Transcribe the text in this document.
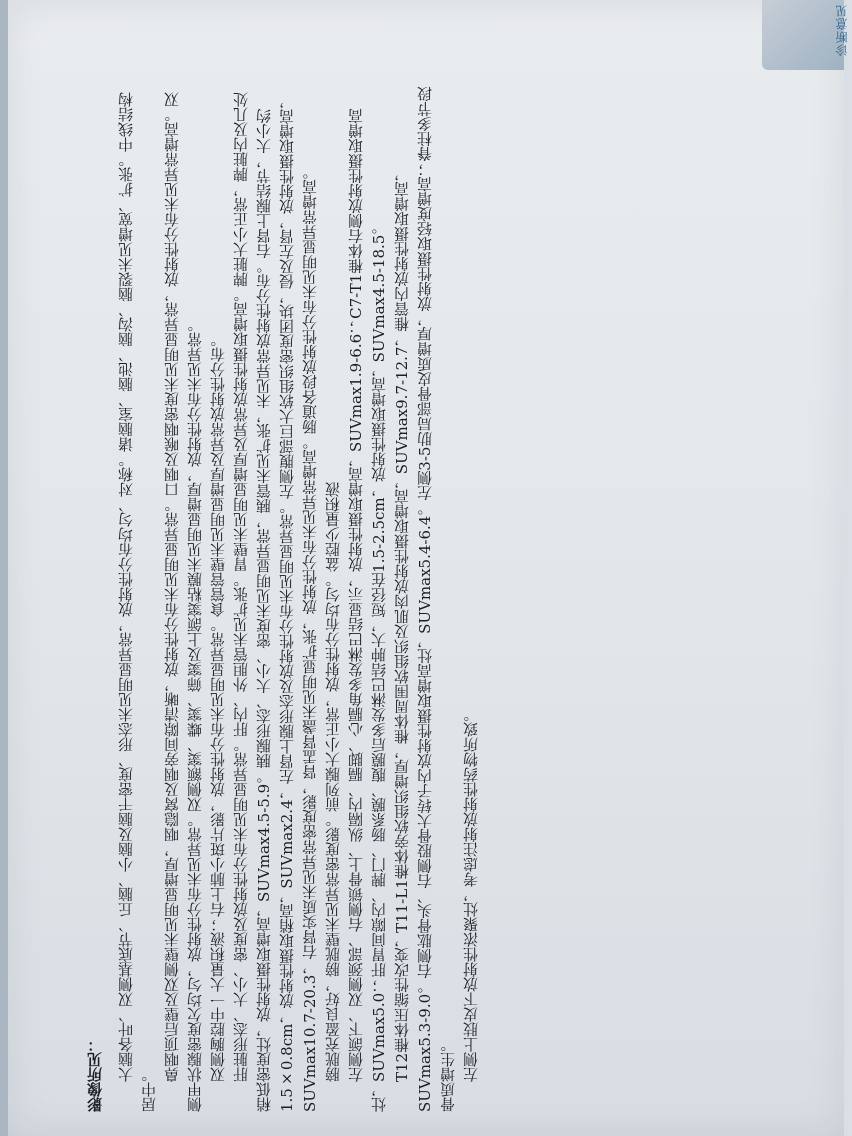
诊断意见
影像所见： 大脑各叶、双侧基底节、丘脑、小脑及脑干密度、形态未见明显异常，放射性分布均匀、对称。诸脑室、脑池、脑沟、脑裂未见增宽、扩张。中线结构居中。

鼻咽顶后壁及双侧壁未见明显增厚，咽隐窝及咽旁间隙清晰，放射性分布未见明显异常。口咽及喉咽密度未见明显异常，放射性分布未见异常增高。双侧甲状腺密度欠均匀，放射性分布未见异常。双侧额窦、蝶窦、筛窦及上颌窦粘膜未见明显增厚，放射性分布未见异常。 双侧胸腔中一大量积液；右上肺小斑片影，放射性分布未见明显异常。食管管壁未见明显增厚及异常放射性分布。 肝脏形态、大小、密度及放射性分布未见明显异常。肝内、外胆管未见扩张。胃壁未见明显增厚及异常放射性摄取增高。脾脏大小正常，脾脏内及几处稍低密度灶，放射性摄取增高，SUVmax4.5-5.9。胰腺形态、大小、密度未见明显异常，胰管未见扩张，未见异常放射性分布。右肾上腺结节，大小约1.5×0.8cm，放射性摄取稍高，SUVmax2.4，左肾上腺形态及放射性分布未见明显异常。左侧腹部巨大软组织密度团块，侵及左肾，放射性摄取增高，SUVmax10.7-20.3，右肾实质未见异常密度影，肾盂肾盏未见明显扩张，放射性分布未见异常增高。肠道各段放射性分布未见明显异常增高。 膀胱充盈良好，膀胱壁未见异常密度影。前列腺大小正常，放射性分布均匀。盆腔少量积液 左侧颌下、双侧颈部、右侧锁骨上、纵隔内、膈脚、心膈角多发淋巴结显示，放射性摄取增高，SUVmax1.9-6.6；C7-T1椎体右侧放射性摄取增高灶，SUVmax5.0；肝胃间隙内、脾门、肠系膜、腹膜后多发淋巴结肿大，短径在1.5-2.5cm，放射性摄取增高，SUVmax4.5-18.5。 T12椎体压缩性改变，T11-L1椎体旁软组织增厚，椎体周围软组织及肌肉放射性摄取增高，SUVmax9.7-12.7，椎管内放射性摄取增高，SUVmax5.3-9.0。右侧肱骨头、右侧股骨大转子内放射性摄取增高灶，SUVmax5.4-6.4。左侧3-5肋局部骨皮质增厚，放射性摄取轻度增高；脊柱多节段骨质增生。 左侧上肢皮下放射性浓聚灶，考虑注射放射性药物所致。
